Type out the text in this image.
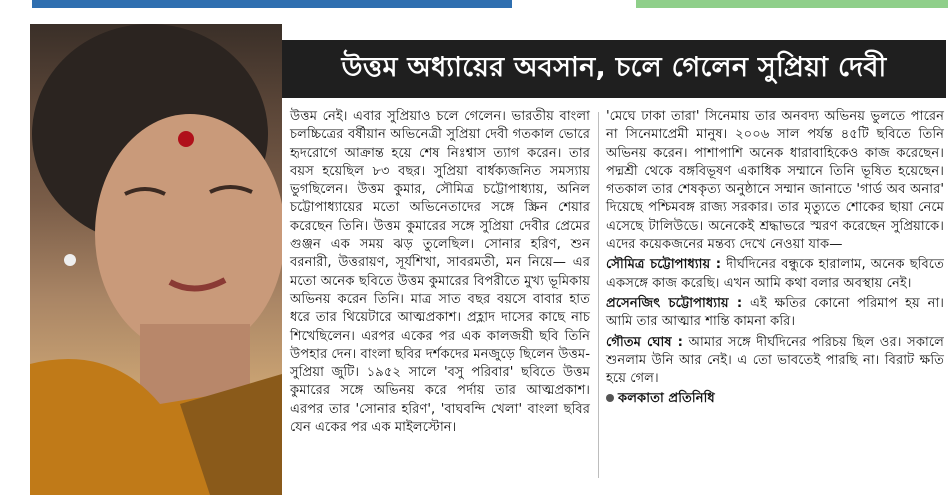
উত্তম অধ্যায়ের অবসান, চলে গেলেন সুপ্রিয়া দেবী

উত্তম নেই। এবার সুপ্রিয়াও চলে গেলেন। ভারতীয় বাংলা চলচ্চিত্রের বর্ষীয়ান অভিনেত্রী সুপ্রিয়া দেবী গতকাল ভোরে হৃদরোগে আক্রান্ত হয়ে শেষ নিঃশ্বাস ত্যাগ করেন। তার বয়স হয়েছিল ৮৩ বছর। সুপ্রিয়া বার্ধক্যজনিত সমস্যায় ভুগছিলেন। উত্তম কুমার, সৌমিত্র চট্টোপাধ্যায়, অনিল চট্টোপাধ্যায়ের মতো অভিনেতাদের সঙ্গে স্ক্রিন শেয়ার করেছেন তিনি। উত্তম কুমারের সঙ্গে সুপ্রিয়া দেবীর প্রেমের গুঞ্জন এক সময় ঝড় তুলেছিল। সোনার হরিণ, শুন বরনারী, উত্তরায়ণ, সূর্যশিখা, সাবরমতী, মন নিয়ে— এর মতো অনেক ছবিতে উত্তম কুমারের বিপরীতে মুখ্য ভূমিকায় অভিনয় করেন তিনি। মাত্র সাত বছর বয়সে বাবার হাত ধরে তার থিয়েটারে আত্মপ্রকাশ। প্রহ্লাদ দাসের কাছে নাচ শিখেছিলেন। এরপর একের পর এক কালজয়ী ছবি তিনি উপহার দেন। বাংলা ছবির দর্শকদের মনজুড়ে ছিলেন উত্তম-সুপ্রিয়া জুটি। ১৯৫২ সালে 'বসু পরিবার' ছবিতে উত্তম কুমারের সঙ্গে অভিনয় করে পর্দায় তার আত্মপ্রকাশ। এরপর তার 'সোনার হরিণ', 'বাঘবন্দি খেলা' বাংলা ছবির যেন একের পর এক মাইলস্টোন।

'মেঘে ঢাকা তারা' সিনেমায় তার অনবদ্য অভিনয় ভুলতে পারেন না সিনেমাপ্রেমী মানুষ। ২০০৬ সাল পর্যন্ত ৪৫টি ছবিতে তিনি অভিনয় করেন। পাশাপাশি অনেক ধারাবাহিকেও কাজ করেছেন। পদ্মশ্রী থেকে বঙ্গবিভূষণ একাধিক সম্মানে তিনি ভূষিত হয়েছেন। গতকাল তার শেষকৃত্য অনুষ্ঠানে সম্মান জানাতে 'গার্ড অব অনার' দিয়েছে পশ্চিমবঙ্গ রাজ্য সরকার। তার মৃত্যুতে শোকের ছায়া নেমে এসেছে টালিউডে। অনেকেই শ্রদ্ধাভরে স্মরণ করেছেন সুপ্রিয়াকে। এদের কয়েকজনের মন্তব্য দেখে নেওয়া যাক—

সৌমিত্র চট্টোপাধ্যায় : দীর্ঘদিনের বন্ধুকে হারালাম, অনেক ছবিতে একসঙ্গে কাজ করেছি। এখন আমি কথা বলার অবস্থায় নেই।

প্রসেনজিৎ চট্টোপাধ্যায় : এই ক্ষতির কোনো পরিমাপ হয় না। আমি তার আত্মার শান্তি কামনা করি।

গৌতম ঘোষ : আমার সঙ্গে দীর্ঘদিনের পরিচয় ছিল ওর। সকালে শুনলাম উনি আর নেই। এ তো ভাবতেই পারছি না। বিরাট ক্ষতি হয়ে গেল।

কলকাতা প্রতিনিধি
